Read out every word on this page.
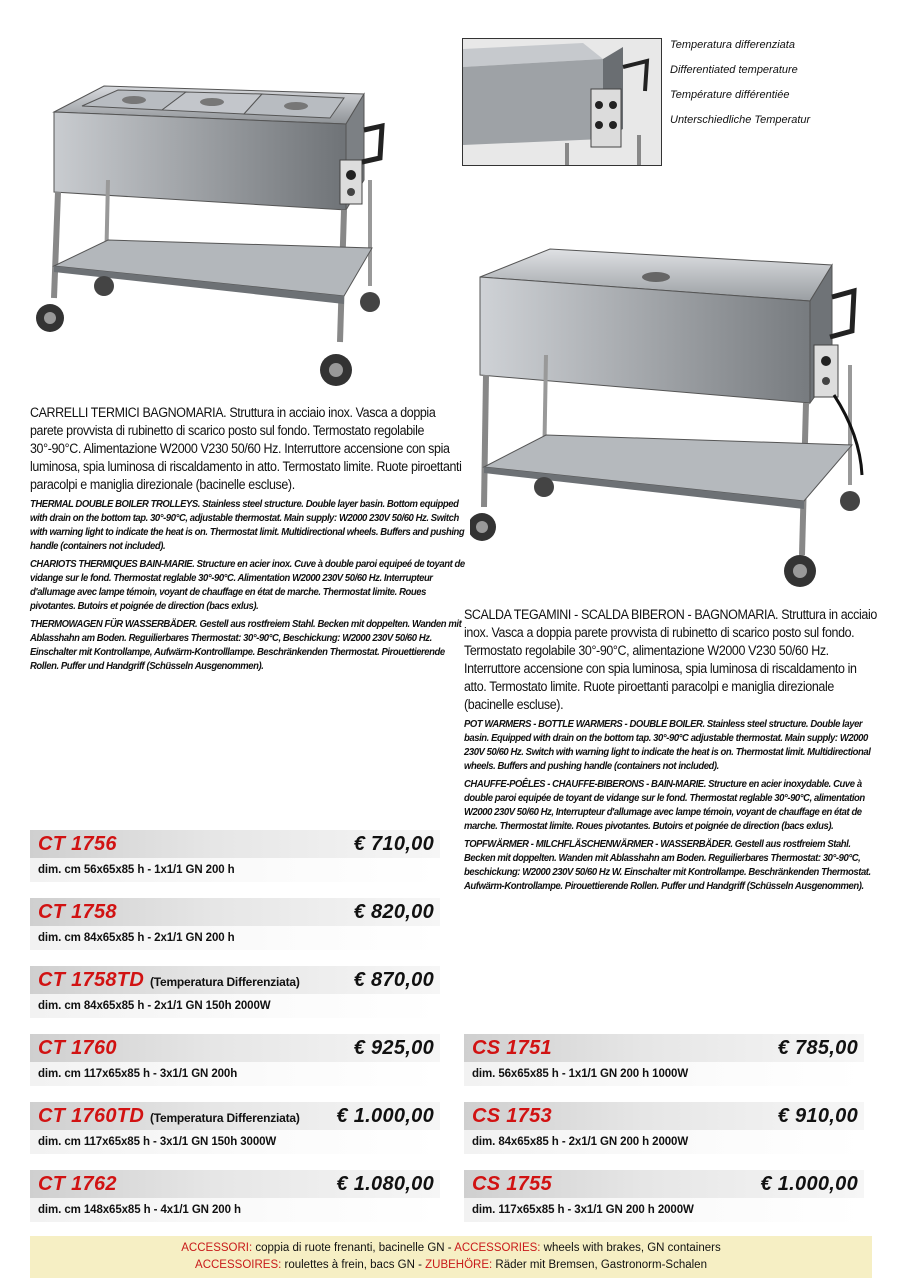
Temperatura differenziata
Differentiated temperature
Température différentiée
Unterschiedliche Temperatur

CARRELLI TERMICI BAGNOMARIA. Struttura in acciaio inox. Vasca a doppia parete provvista di rubinetto di scarico posto sul fondo. Termostato regolabile 30°-90°C. Alimentazione W2000 V230 50/60 Hz. Interruttore accensione con spia luminosa, spia luminosa di riscaldamento in atto. Termostato limite. Ruote piroettanti paracolpi e maniglia direzionale (bacinelle escluse).

THERMAL DOUBLE BOILER TROLLEYS. Stainless steel structure. Double layer basin. Bottom equipped with drain on the bottom tap. 30°-90°C, adjustable thermostat. Main supply: W2000 230V 50/60 Hz. Switch with warning light to indicate the heat is on. Thermostat limit. Multidirectional wheels. Buffers and pushing handle (containers not included).

CHARIOTS THERMIQUES BAIN-MARIE. Structure en acier inox. Cuve à double paroi equipeé de toyant de vidange sur le fond. Thermostat reglable 30°-90°C. Alimentation W2000 230V 50/60 Hz. Interrupteur d'allumage avec lampe témoin, voyant de chauffage en état de marche. Thermostat limite. Roues pivotantes. Butoirs et poignée de direction (bacs exlus).

THERMOWAGEN FÜR WASSERBÄDER. Gestell aus rostfreiem Stahl. Becken mit doppelten. Wanden mit Ablasshahn am Boden. Reguilierbares Thermostat: 30°-90°C, Beschickung: W2000 230V 50/60 Hz. Einschalter mit Kontrollampe, Aufwärm-Kontrolllampe. Beschränkenden Thermostat. Pirouettierende Rollen. Puffer und Handgriff (Schüsseln Ausgenommen).

SCALDA TEGAMINI - SCALDA BIBERON - BAGNOMARIA. Struttura in acciaio inox. Vasca a doppia parete provvista di rubinetto di scarico posto sul fondo. Termostato regolabile 30°-90°C, alimentazione W2000 V230 50/60 Hz. Interruttore accensione con spia luminosa, spia luminosa di riscaldamento in atto. Termostato limite. Ruote piroettanti paracolpi e maniglia direzionale (bacinelle escluse).

POT WARMERS - BOTTLE WARMERS - DOUBLE BOILER. Stainless steel structure. Double layer basin. Equipped with drain on the bottom tap. 30°-90°C adjustable thermostat. Main supply: W2000 230V 50/60 Hz. Switch with warning light to indicate the heat is on. Thermostat limit. Multidirectional wheels. Buffers and pushing handle (containers not included).

CHAUFFE-POÊLES - CHAUFFE-BIBERONS - BAIN-MARIE. Structure en acier inoxydable. Cuve à double paroi equipée de toyant de vidange sur le fond. Thermostat reglable 30°-90°C, alimentation W2000 230V 50/60 Hz, Interrupteur d'allumage avec lampe témoin, voyant de chauffage en état de marche. Thermostat limite. Roues pivotantes. Butoirs et poignée de direction (bacs exlus).

TOPFWÄRMER - MILCHFLÄSCHENWÄRMER - WASSERBÄDER. Gestell aus rostfreiem Stahl. Becken mit doppelten. Wanden mit Ablasshahn am Boden. Reguilierbares Thermostat: 30°-90°C, beschickung: W2000 230V 50/60 Hz W. Einschalter mit Kontrollampe. Beschränkenden Thermostat. Aufwärm-Kontrollampe. Pirouettierende Rollen. Puffer und Handgriff (Schüsseln Ausgenommen).

CT 1756	€ 710,00
dim. cm 56x65x85 h - 1x1/1 GN 200 h
CT 1758	€ 820,00
dim. cm 84x65x85 h - 2x1/1 GN 200 h
CT 1758TD (Temperatura Differenziata)	€ 870,00
dim. cm 84x65x85 h - 2x1/1 GN 150h 2000W
CT 1760	€ 925,00
dim. cm 117x65x85 h - 3x1/1 GN 200h
CT 1760TD (Temperatura Differenziata) € 1.000,00
dim. cm 117x65x85 h - 3x1/1 GN 150h 3000W
CT 1762	€ 1.080,00
dim. cm 148x65x85 h - 4x1/1 GN 200 h
CS 1751	€ 785,00
dim. 56x65x85 h - 1x1/1 GN 200 h 1000W
CS 1753	€ 910,00
dim. 84x65x85 h - 2x1/1 GN 200 h 2000W
CS 1755	€ 1.000,00
dim. 117x65x85 h - 3x1/1 GN 200 h 2000W
ACCESSORI: coppia di ruote frenanti, bacinelle GN - ACCESSORIES: wheels with brakes, GN containers
ACCESSOIRES: roulettes à frein, bacs GN - ZUBEHÖRE: Räder mit Bremsen, Gastronorm-Schalen
